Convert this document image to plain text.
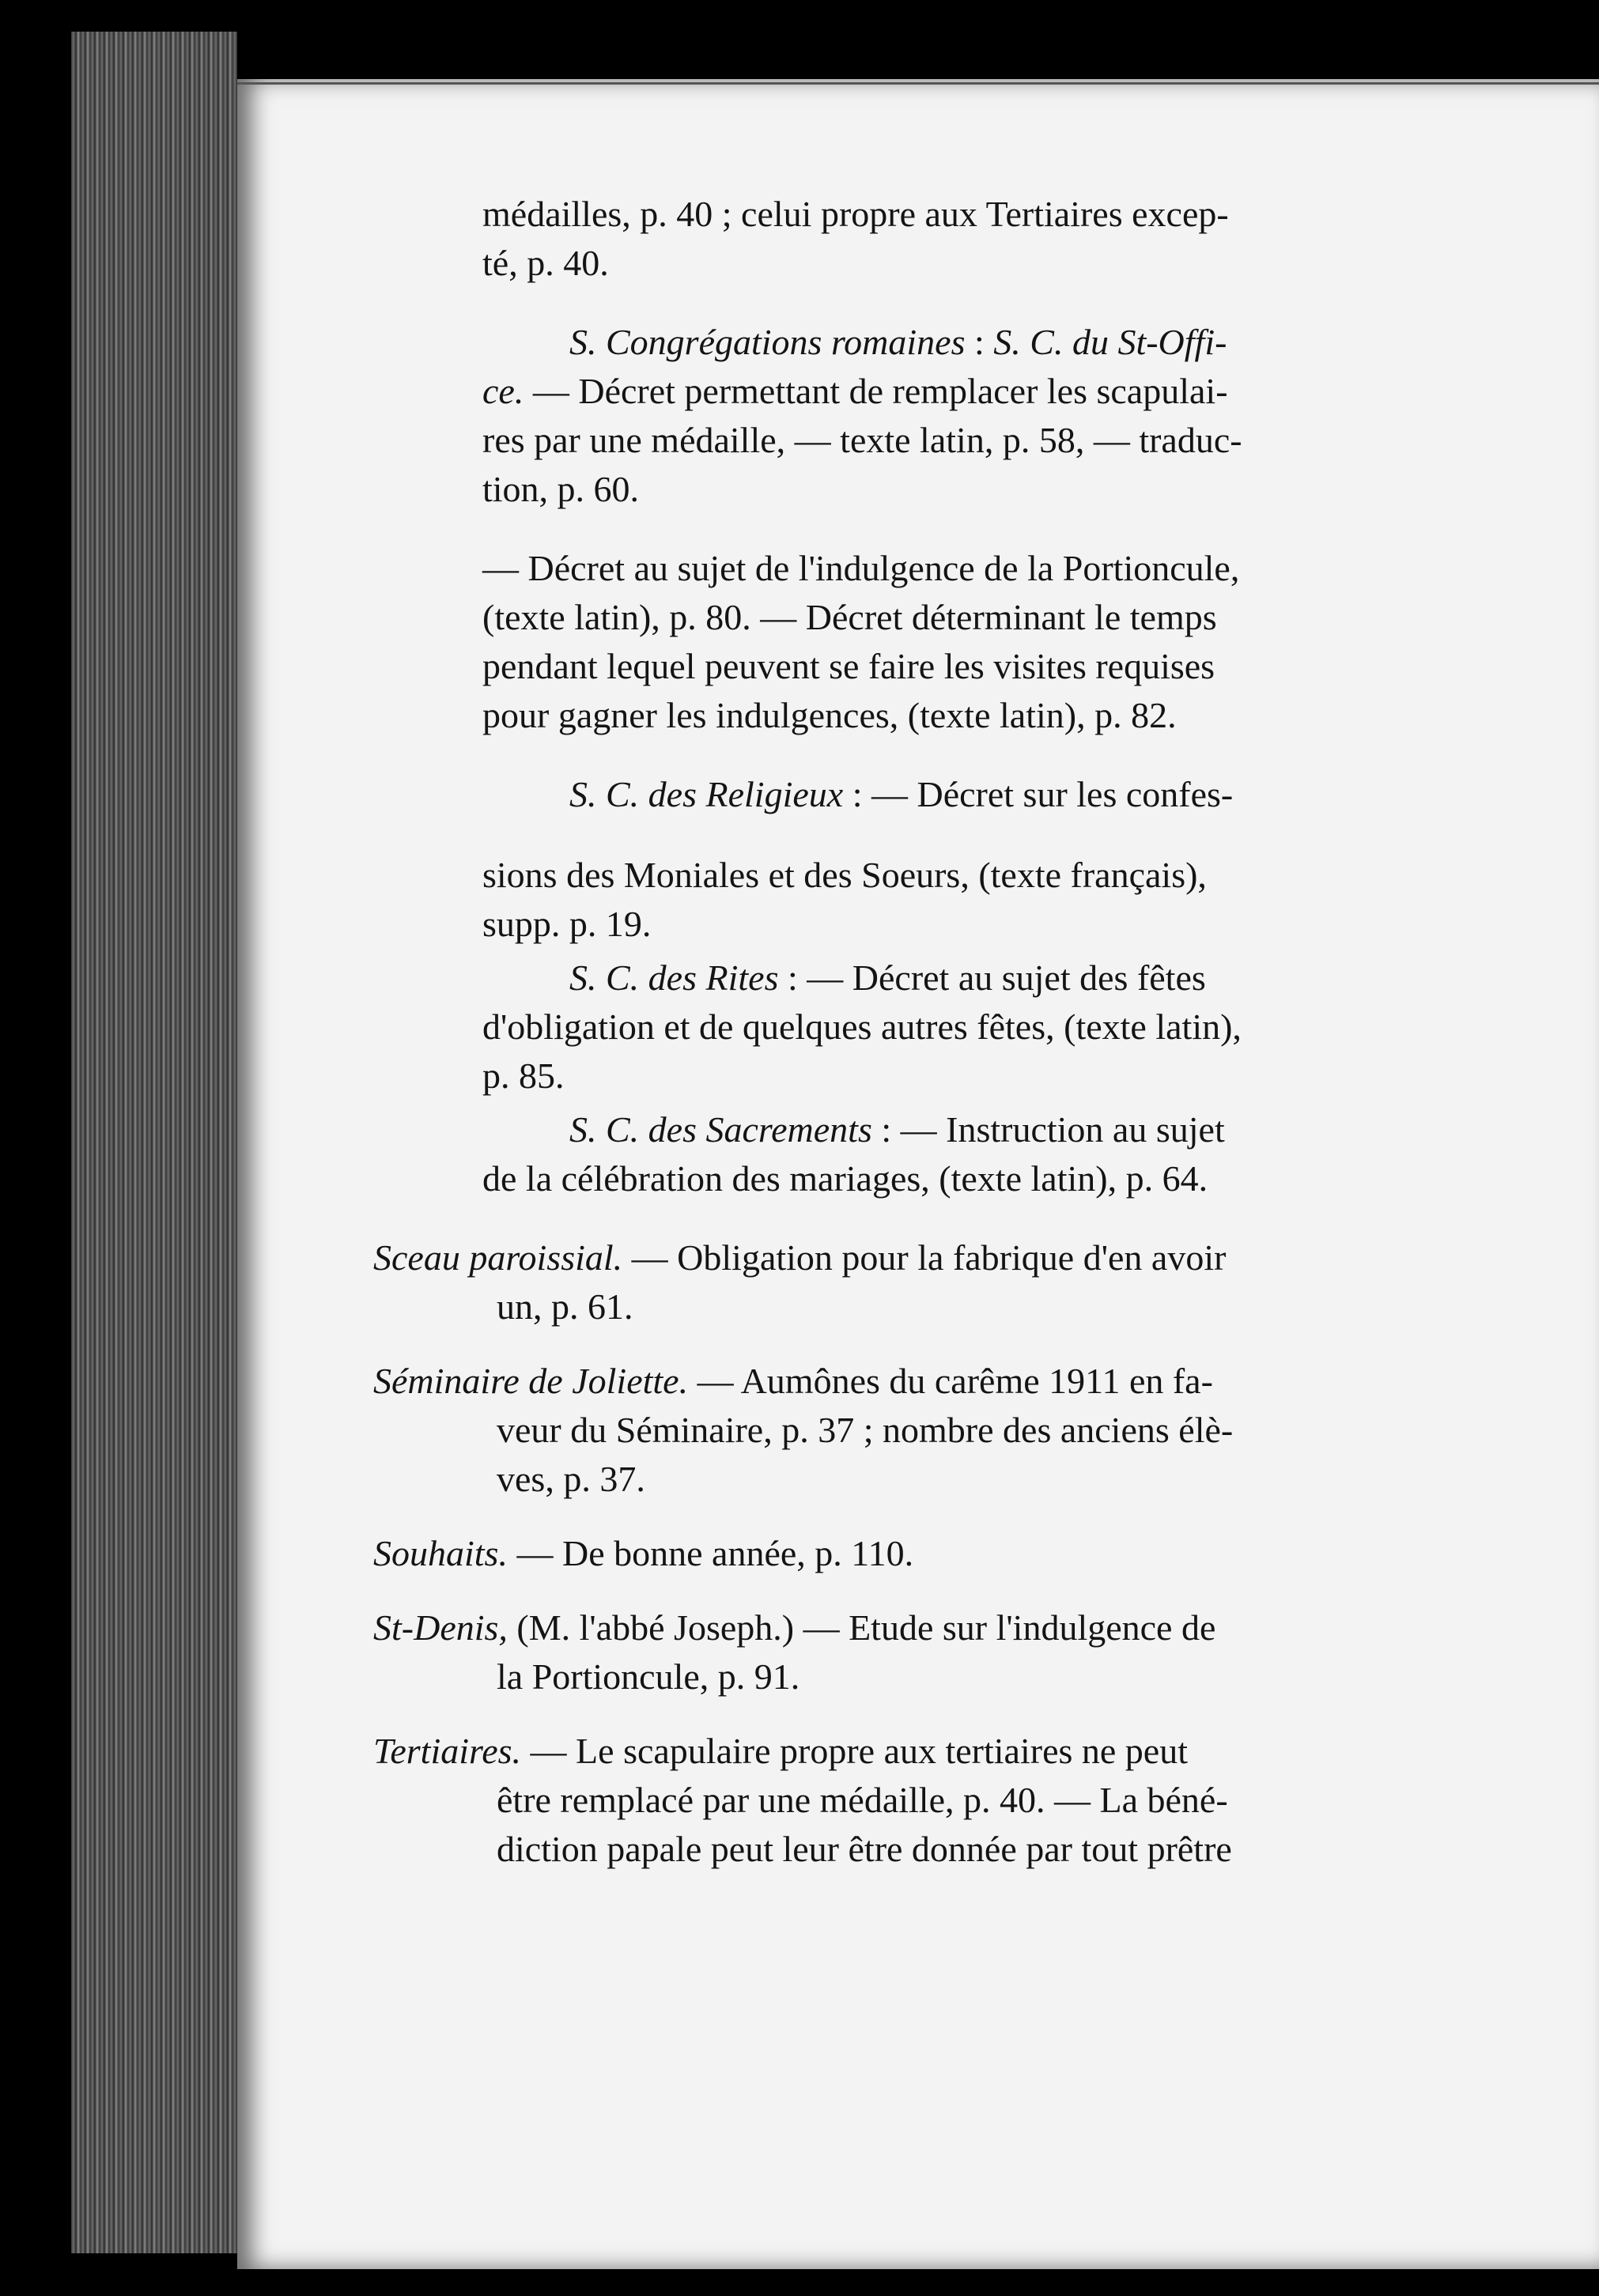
médailles, p. 40 ; celui propre aux Tertiaires excep-
té, p. 40.

S. Congrégations romaines : S. C. du St-Offi-
ce. — Décret permettant de remplacer les scapulai-
res par une médaille, — texte latin, p. 58, — traduc-
tion, p. 60.

— Décret au sujet de l'indulgence de la Portioncule,
(texte latin), p. 80. — Décret déterminant le temps
pendant lequel peuvent se faire les visites requises
pour gagner les indulgences, (texte latin), p. 82.

S. C. des Religieux : — Décret sur les confes-
sions des Moniales et des Soeurs, (texte français),
supp. p. 19.

S. C. des Rites : — Décret au sujet des fêtes
d'obligation et de quelques autres fêtes, (texte latin),
p. 85.

S. C. des Sacrements : — Instruction au sujet
de la célébration des mariages, (texte latin), p. 64.

Sceau paroissial. — Obligation pour la fabrique d'en avoir
un, p. 61.

Séminaire de Joliette. — Aumônes du carême 1911 en fa-
veur du Séminaire, p. 37 ; nombre des anciens élè-
ves, p. 37.

Souhaits. — De bonne année, p. 110.

St-Denis, (M. l'abbé Joseph.) — Etude sur l'indulgence de
la Portioncule, p. 91.

Tertiaires. — Le scapulaire propre aux tertiaires ne peut
être remplacé par une médaille, p. 40. — La béné-
diction papale peut leur être donnée par tout prêtre
